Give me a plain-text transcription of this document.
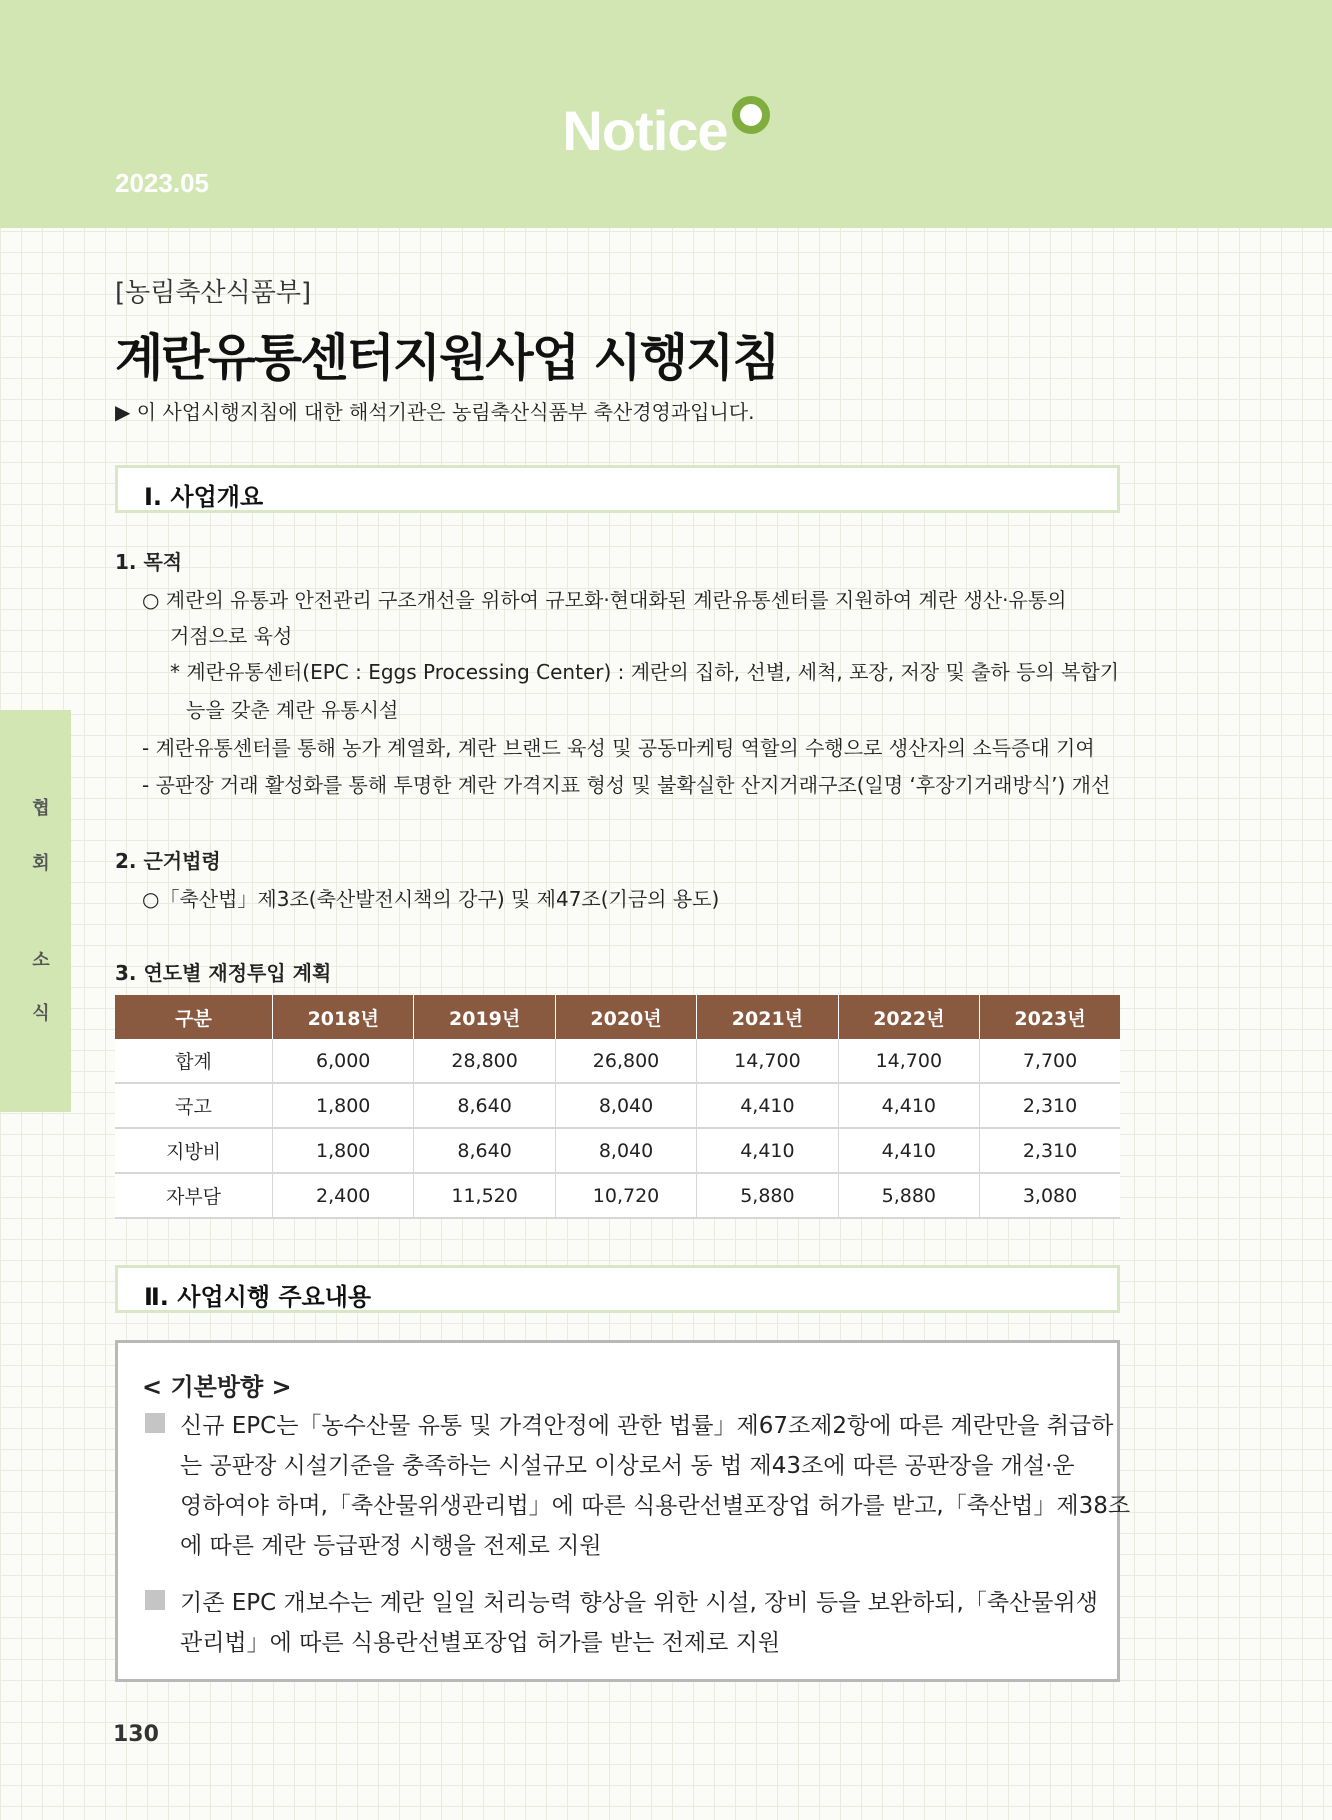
Notice
2023.05
협
회
소
식
[농림축산식품부]
계란유통센터지원사업 시행지침
▶ 이 사업시행지침에 대한 해석기관은 농림축산식품부 축산경영과입니다.
Ⅰ. 사업개요
1. 목적
○ 계란의 유통과 안전관리 구조개선을 위하여 규모화·현대화된 계란유통센터를 지원하여 계란 생산·유통의
거점으로 육성
* 계란유통센터(EPC : Eggs Processing Center) : 계란의 집하, 선별, 세척, 포장, 저장 및 출하 등의 복합기
능을 갖춘 계란 유통시설
- 계란유통센터를 통해 농가 계열화, 계란 브랜드 육성 및 공동마케팅 역할의 수행으로 생산자의 소득증대 기여
- 공판장 거래 활성화를 통해 투명한 계란 가격지표 형성 및 불확실한 산지거래구조(일명 ‘후장기거래방식’) 개선
2. 근거법령
○「축산법」제3조(축산발전시책의 강구) 및 제47조(기금의 용도)
3. 연도별 재정투입 계획
구분	2018년	2019년	2020년	2021년	2022년	2023년
합계	6,000	28,800	26,800	14,700	14,700	7,700
국고	1,800	8,640	8,040	4,410	4,410	2,310
지방비	1,800	8,640	8,040	4,410	4,410	2,310
자부담	2,400	11,520	10,720	5,880	5,880	3,080
Ⅱ. 사업시행 주요내용
< 기본방향 >
신규 EPC는「농수산물 유통 및 가격안정에 관한 법률」제67조제2항에 따른 계란만을 취급하
는 공판장 시설기준을 충족하는 시설규모 이상로서 동 법 제43조에 따른 공판장을 개설·운
영하여야 하며,「축산물위생관리법」에 따른 식용란선별포장업 허가를 받고,「축산법」제38조
에 따른 계란 등급판정 시행을 전제로 지원
기존 EPC 개보수는 계란 일일 처리능력 향상을 위한 시설, 장비 등을 보완하되,「축산물위생
관리법」에 따른 식용란선별포장업 허가를 받는 전제로 지원
130
